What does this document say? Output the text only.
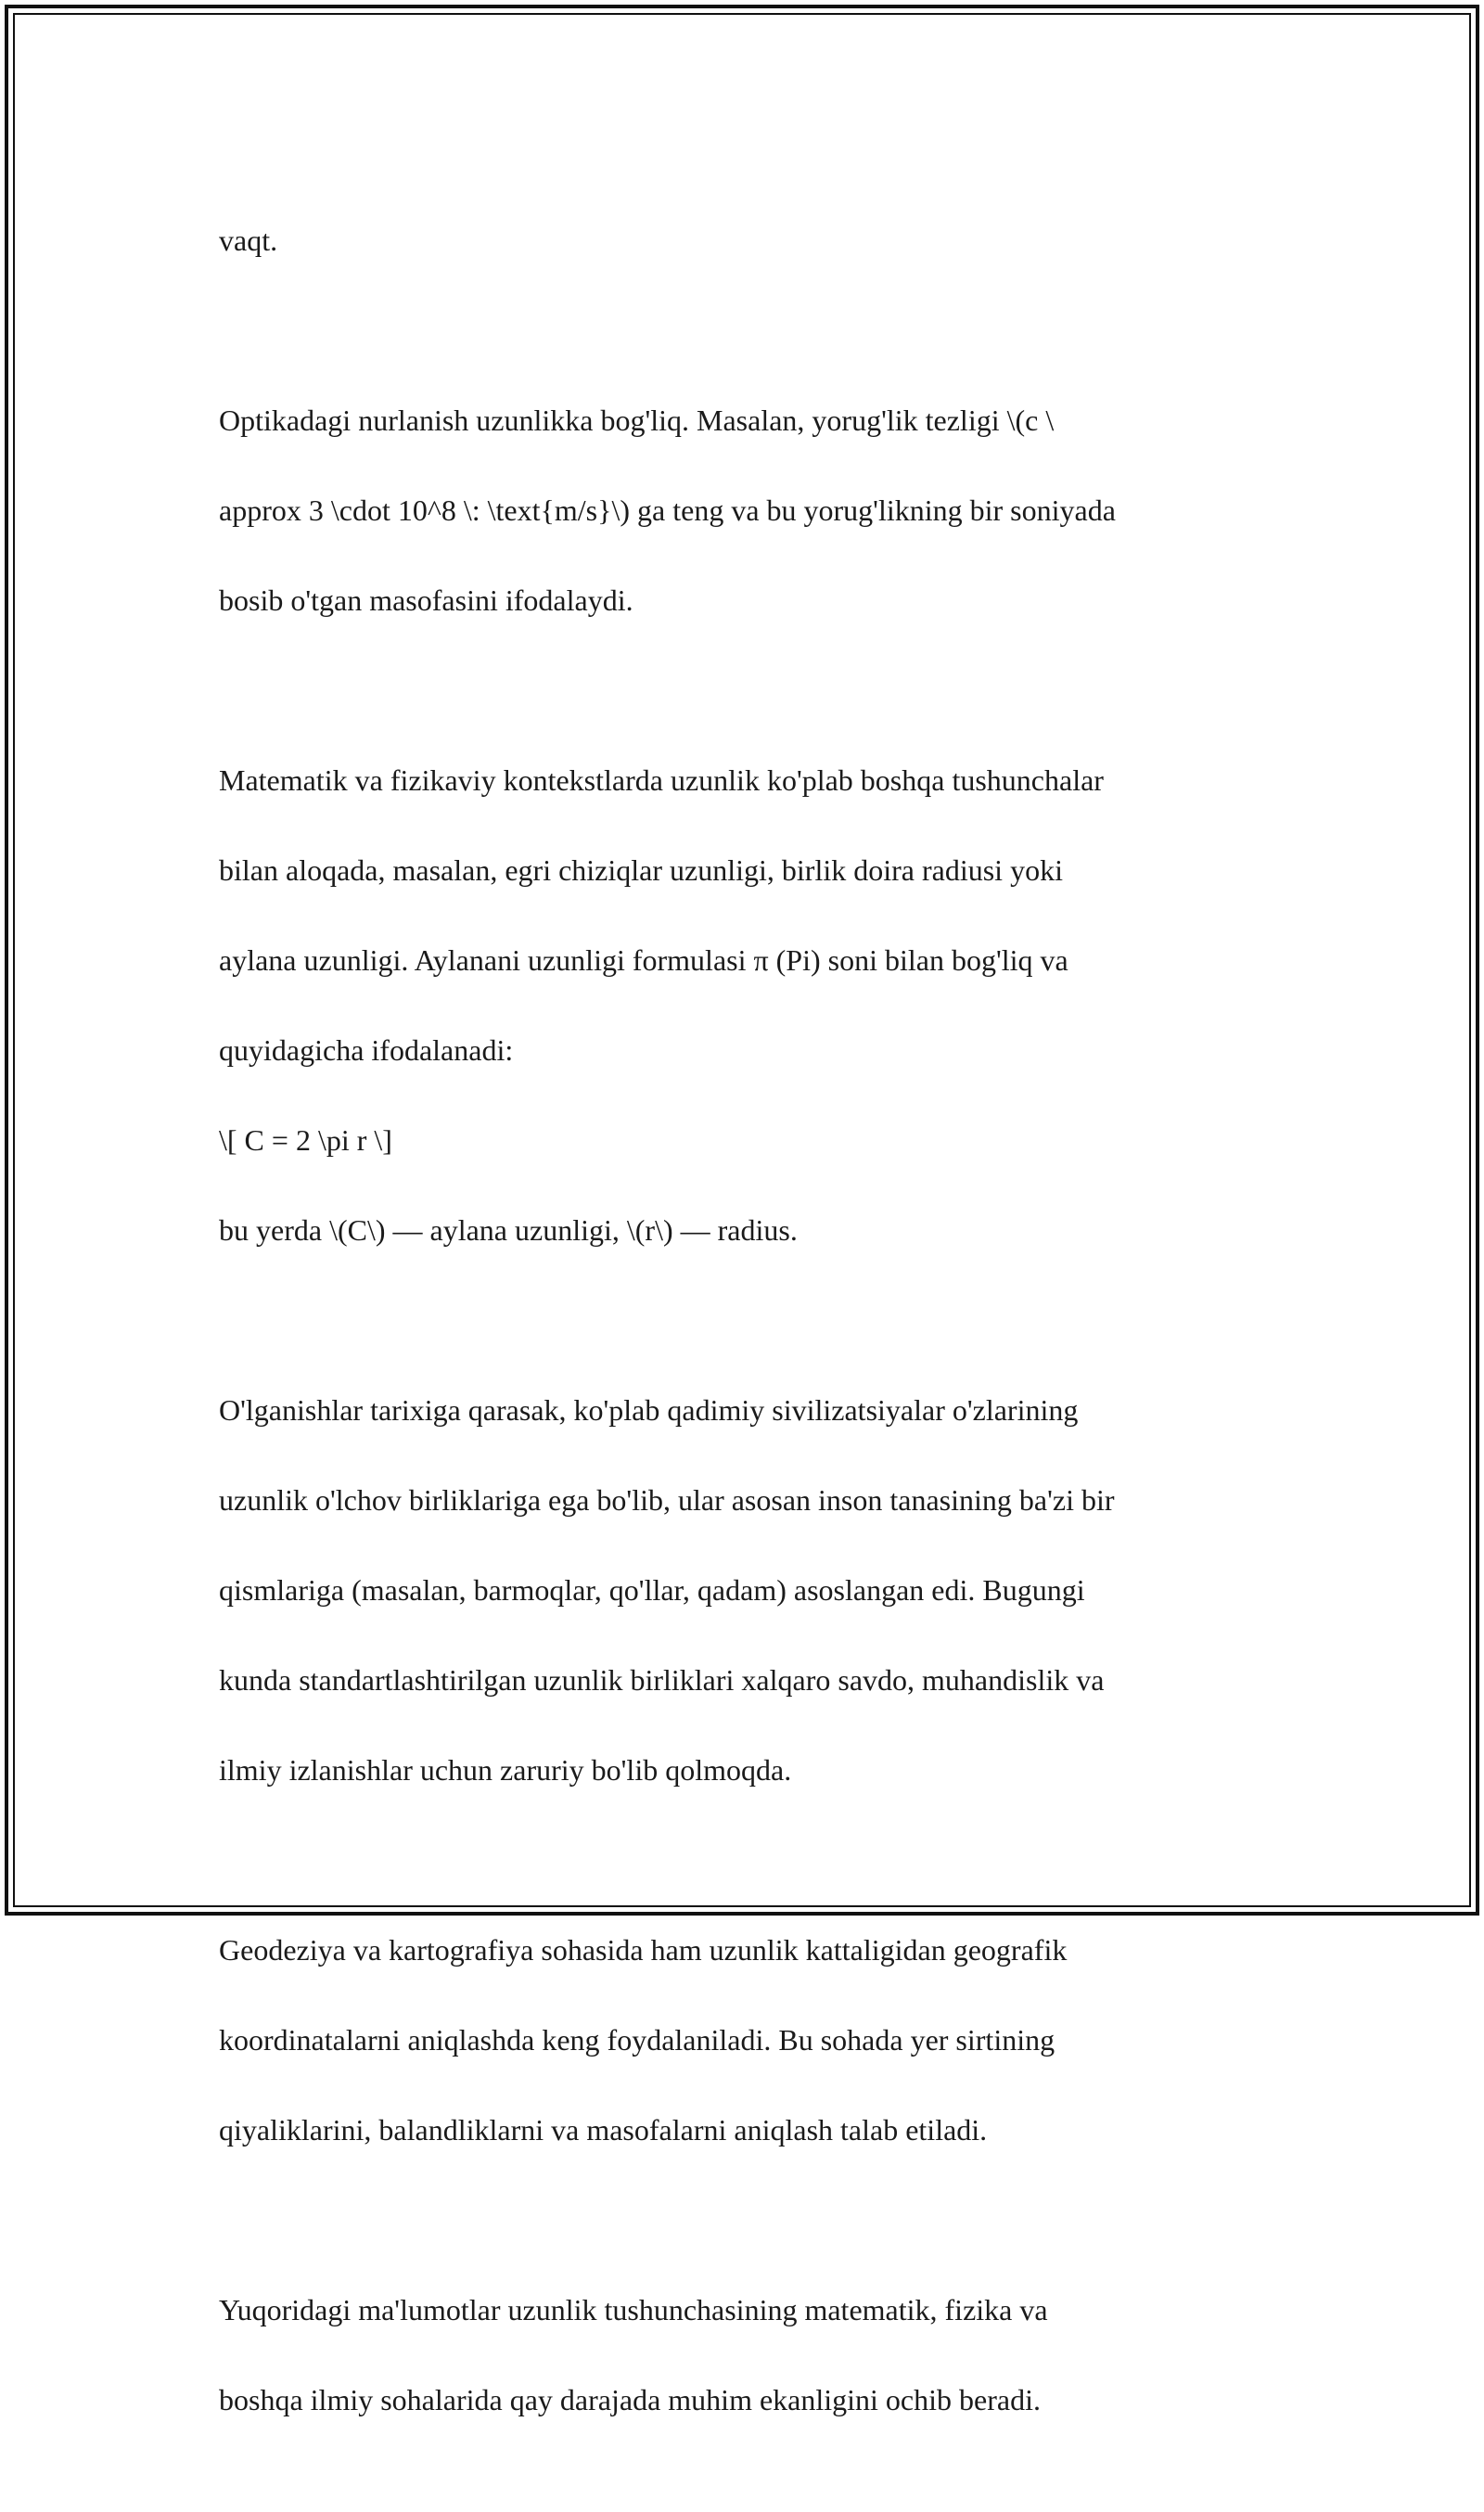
vaqt.

Optikadagi nurlanish uzunlikka bog'liq. Masalan, yorug'lik tezligi \(c \

approx 3 \cdot 10^8 \: \text{m/s}\) ga teng va bu yorug'likning bir soniyada

bosib o'tgan masofasini ifodalaydi.

Matematik va fizikaviy kontekstlarda uzunlik ko'plab boshqa tushunchalar

bilan aloqada, masalan, egri chiziqlar uzunligi, birlik doira radiusi yoki

aylana uzunligi. Aylanani uzunligi formulasi π (Pi) soni bilan bog'liq va

quyidagicha ifodalanadi:

\[ C = 2 \pi r \]

bu yerda \(C\) — aylana uzunligi, \(r\) — radius.

O'lganishlar tarixiga qarasak, ko'plab qadimiy sivilizatsiyalar o'zlarining

uzunlik o'lchov birliklariga ega bo'lib, ular asosan inson tanasining ba'zi bir

qismlariga (masalan, barmoqlar, qo'llar, qadam) asoslangan edi. Bugungi

kunda standartlashtirilgan uzunlik birliklari xalqaro savdo, muhandislik va

ilmiy izlanishlar uchun zaruriy bo'lib qolmoqda.

Geodeziya va kartografiya sohasida ham uzunlik kattaligidan geografik

koordinatalarni aniqlashda keng foydalaniladi. Bu sohada yer sirtining

qiyaliklarini, balandliklarni va masofalarni aniqlash talab etiladi.

Yuqoridagi ma'lumotlar uzunlik tushunchasining matematik, fizika va

boshqa ilmiy sohalarida qay darajada muhim ekanligini ochib beradi.
